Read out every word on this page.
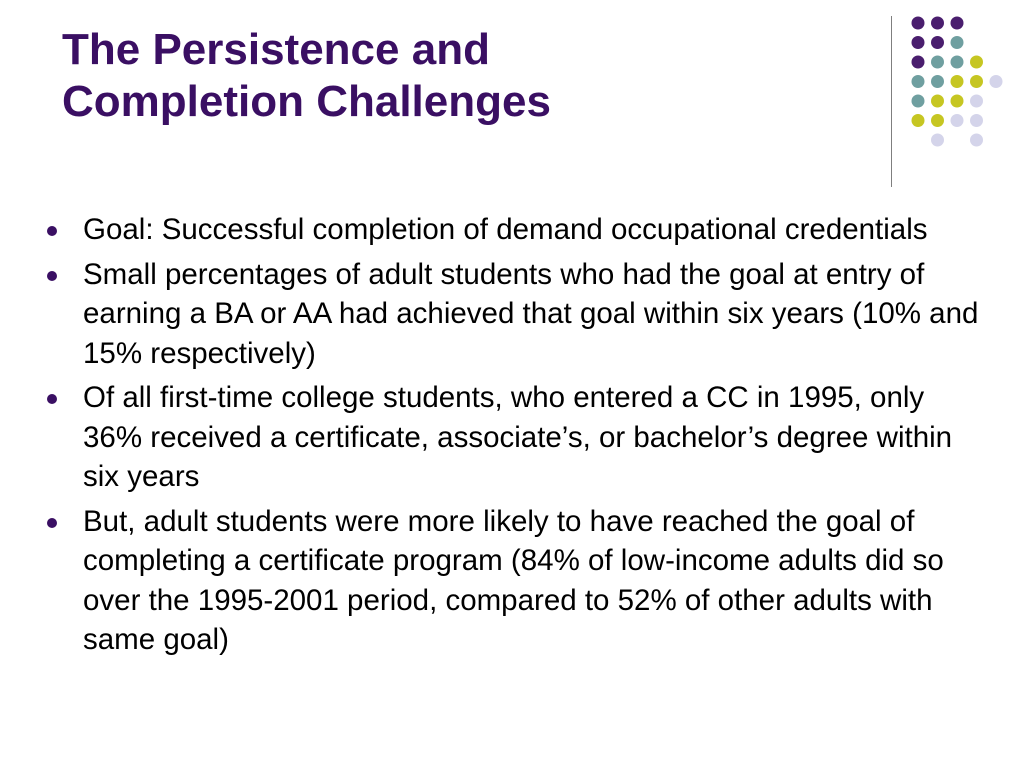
The Persistence and
Completion Challenges
Goal: Successful completion of demand occupational credentials
Small percentages of adult students who had the goal at entry of earning a BA or AA had achieved that goal within six years (10% and 15% respectively)
Of all first-time college students, who entered a CC in 1995, only 36% received a certificate, associate’s, or bachelor’s degree within six years
But, adult students were more likely to have reached the goal of completing a certificate program (84% of low-income adults did so over the 1995-2001 period, compared to 52% of other adults with same goal)
